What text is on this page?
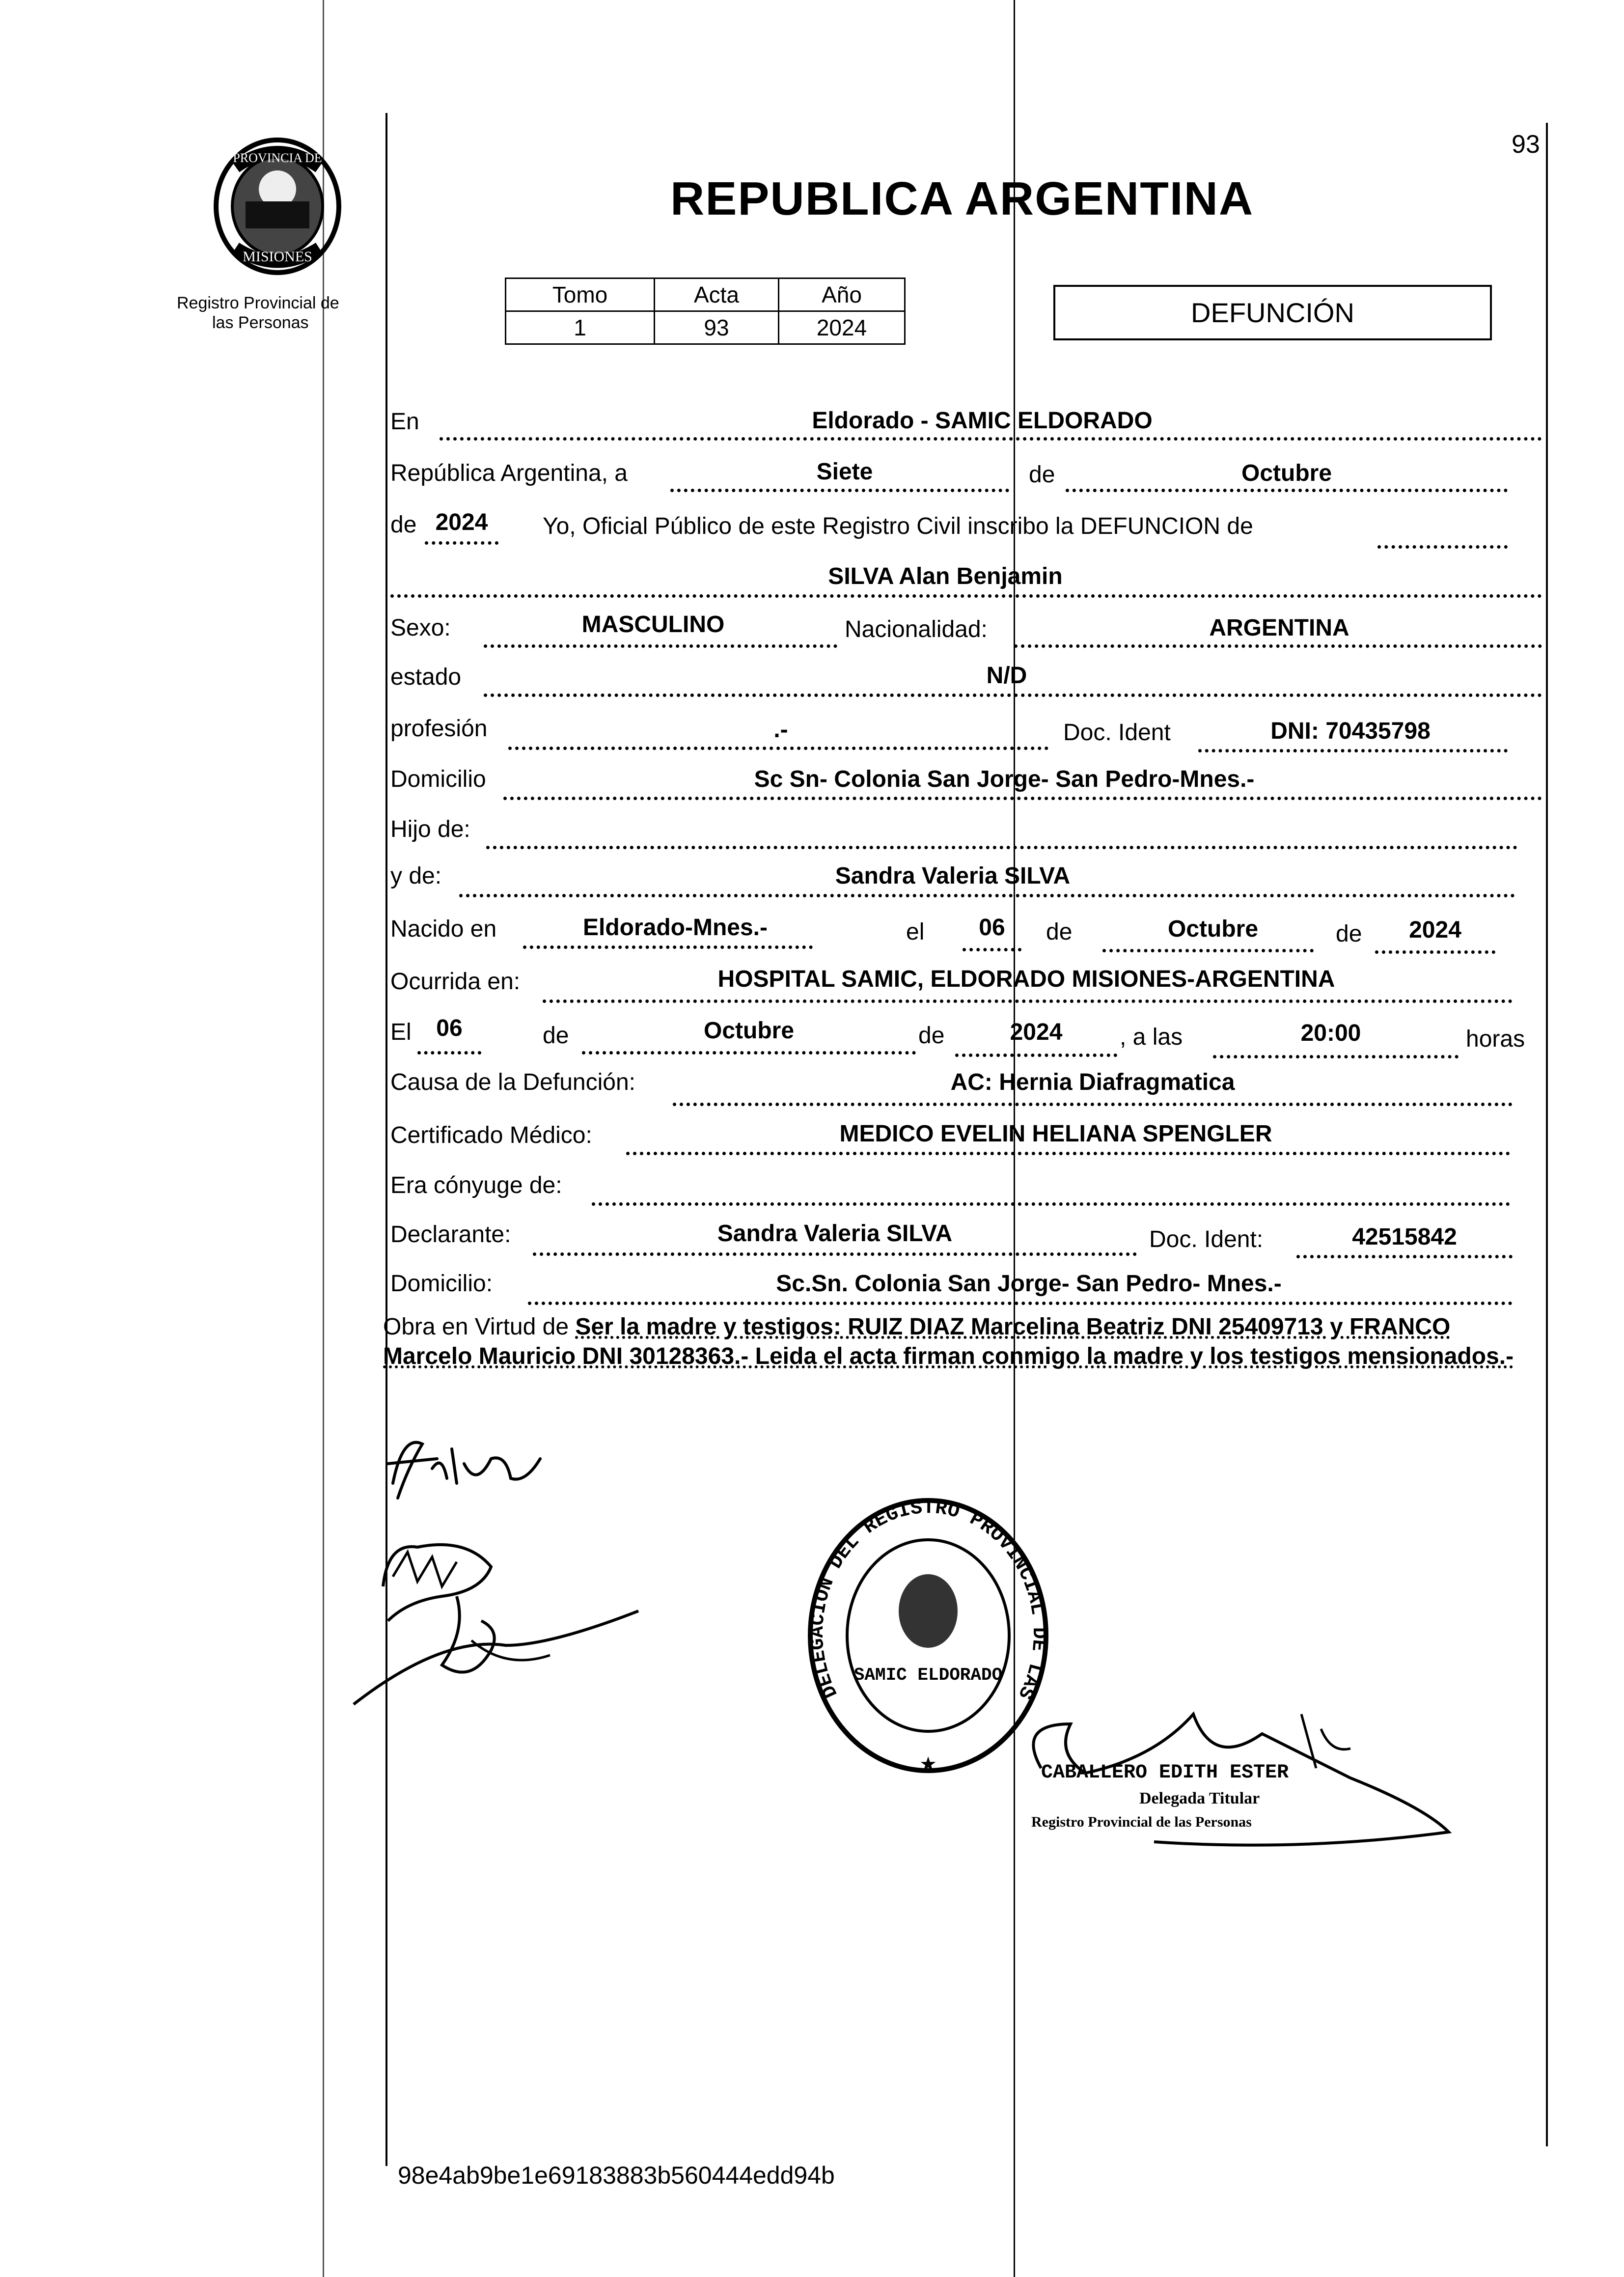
93
PROVINCIA DE
MISIONES
Registro Provincial de
las Personas
REPUBLICA ARGENTINA
Tomo	Acta	Año
1	93	2024	DEFUNCIÓN
En	Eldorado - SAMIC ELDORADO
República Argentina, a	Siete	de	Octubre
de 2024	Yo, Oficial Público de este Registro Civil inscribo la DEFUNCION de
SILVA Alan Benjamin
Sexo:	MASCULINO	Nacionalidad:	ARGENTINA
estado	N/D
profesión	.-	Doc. Ident	DNI: 70435798
Domicilio	Sc Sn- Colonia San Jorge- San Pedro-Mnes.-
Hijo de:
y de:	Sandra Valeria SILVA
Nacido en	Eldorado-Mnes.-	el	06	de	Octubre	de	2024
Ocurrida en:	HOSPITAL SAMIC, ELDORADO MISIONES-ARGENTINA
El	06	de	Octubre	de	2024	, a las	20:00	horas
Causa de la Defunción:	AC: Hernia Diafragmatica
Certificado Médico:	MEDICO EVELIN HELIANA SPENGLER
Era cónyuge de:
Declarante:	Sandra Valeria SILVA	Doc. Ident:	42515842
Domicilio:	Sc.Sn. Colonia San Jorge- San Pedro- Mnes.-
Obra en Virtud de Ser la madre y testigos: RUIZ DIAZ Marcelina Beatriz DNI 25409713 y FRANCO Marcelo Mauricio DNI 30128363.- Leida el acta firman conmigo la madre y los testigos mensionados.-
DELEGACION DEL REGISTRO PROVINCIAL DE LAS
SAMIC ELDORADO
★	CABALLERO EDITH ESTER
Delegada Titular
Registro Provincial de las Personas
98e4ab9be1e69183883b560444edd94b
